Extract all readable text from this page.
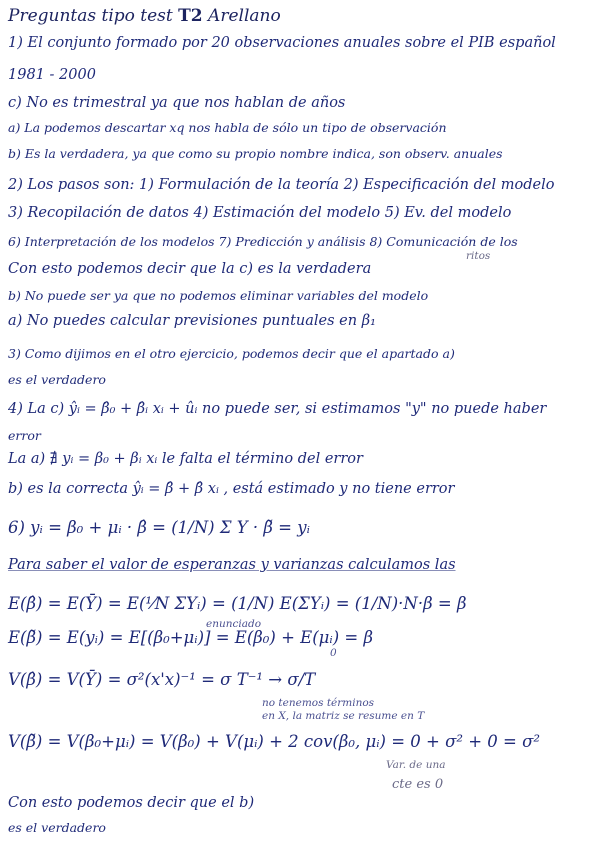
Preguntas tipo test T2 Arellano
1) El conjunto formado por 20 observaciones anuales sobre el PIB español
1981 - 2000
c) No es trimestral ya que nos hablan de años
a) La podemos descartar xq nos habla de sólo un tipo de observación
b) Es la verdadera, ya que como su propio nombre indica, son observ. anuales
2) Los pasos son: 1) Formulación de la teoría 2) Especificación del modelo
3) Recopilación de datos 4) Estimación del modelo 5) Ev. del modelo
6) Interpretación de los modelos 7) Predicción y análisis 8) Comunicación de los
ritos
Con esto podemos decir que la c) es la verdadera
b) No puede ser ya que no podemos eliminar variables del modelo
a) No puedes calcular previsiones puntuales en β₁
3) Como dijimos en el otro ejercicio, podemos decir que el apartado a)
es el verdadero
4) La c) ŷᵢ = β̂₀ + β̂ᵢ xᵢ + ûᵢ no puede ser, si estimamos "y" no puede haber
error
La a) ∄ yᵢ = β₀ + βᵢ xᵢ le falta el término del error
b) es la correcta ŷᵢ = β̂ + β̂ xᵢ , está estimado y no tiene error
6) yᵢ = β₀ + μᵢ · β̂ = (1/N) Σ Y · β̃ = yᵢ
Para saber el valor de esperanzas y varianzas calculamos las
E(β̂) = E(Ȳ) = E(¹⁄N ΣYᵢ) = (1/N) E(ΣYᵢ) = (1/N)·N·β = β
enunciado
E(β̃) = E(yᵢ) = E[(β₀+μᵢ)] = E(β₀) + E(μᵢ) = β
0
V(β̂) = V(Ȳ) = σ²(x'x)⁻¹ = σ T⁻¹ → σ/T
no tenemos términos
en X, la matriz se resume en T
V(β̃) = V(β₀+μᵢ) = V(β₀) + V(μᵢ) + 2 cov(β₀, μᵢ) = 0 + σ² + 0 = σ²
Var. de una
cte es 0
Con esto podemos decir que el b)
es el verdadero
